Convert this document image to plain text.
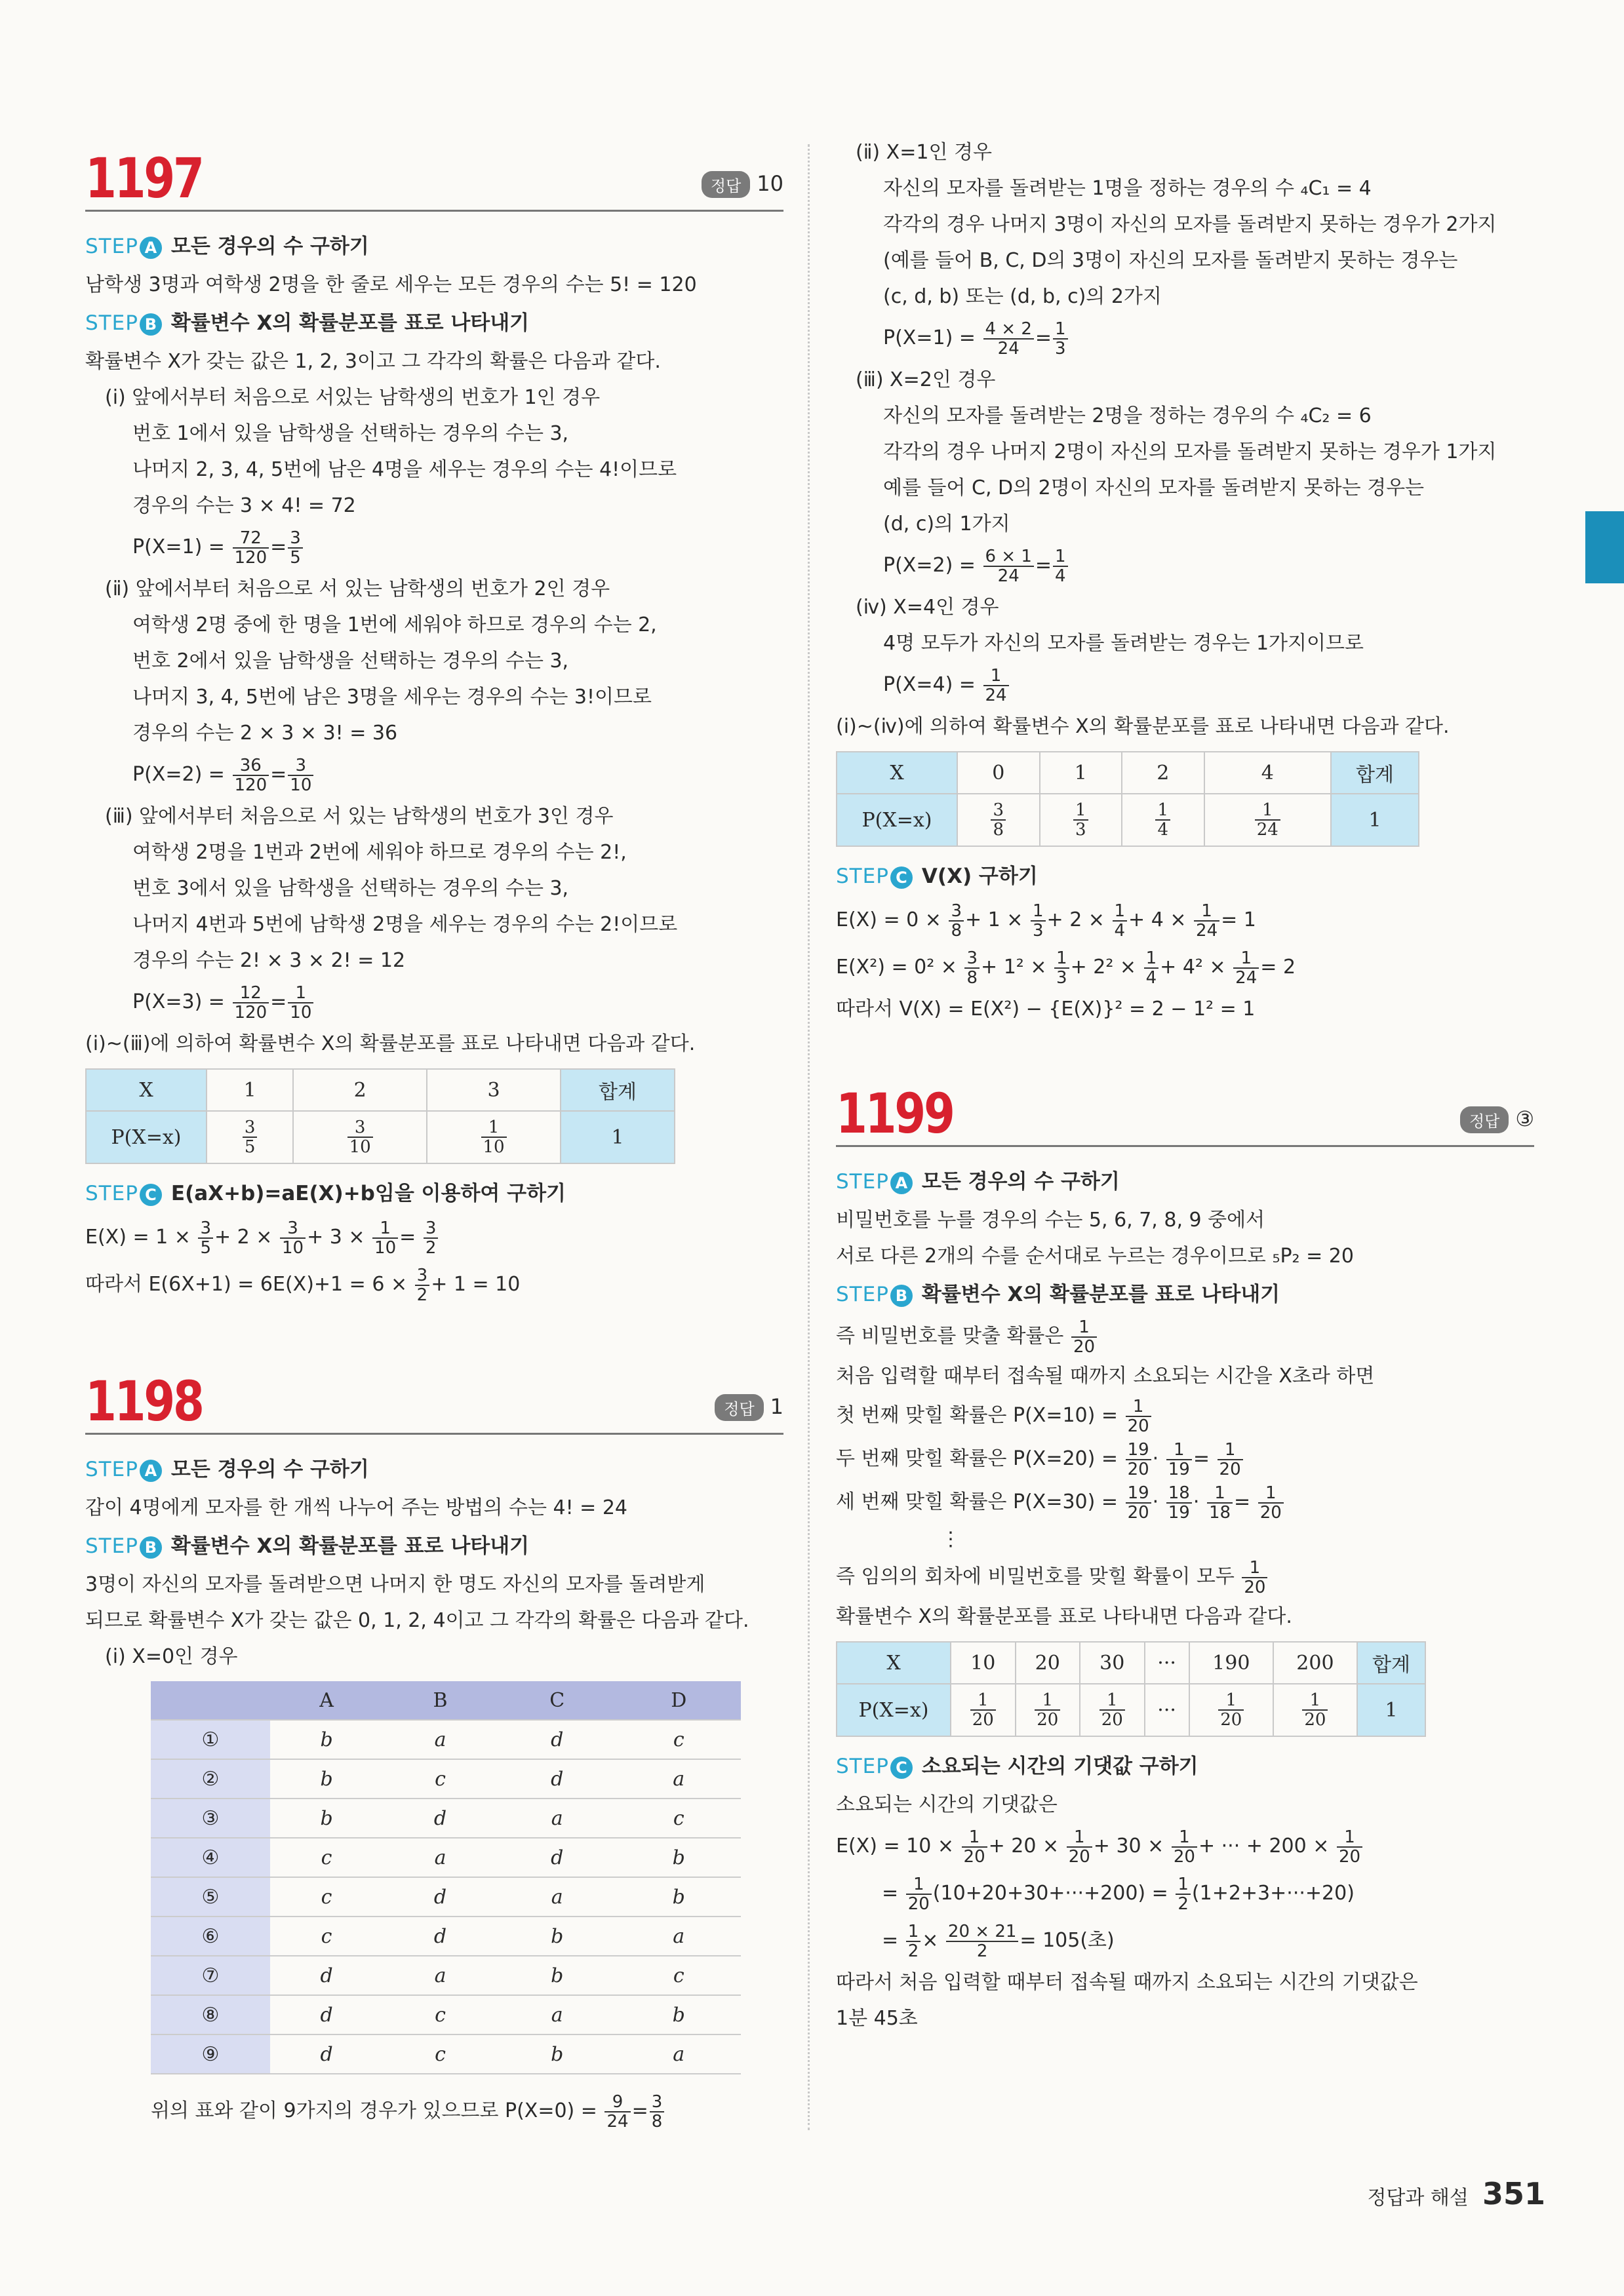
1197	정답 10
STEP A 모든 경우의 수 구하기
남학생 3명과 여학생 2명을 한 줄로 세우는 모든 경우의 수는 5! = 120
STEP B 확률변수 X의 확률분포를 표로 나타내기
확률변수 X가 갖는 값은 1, 2, 3이고 그 각각의 확률은 다음과 같다.
(ⅰ) 앞에서부터 처음으로 서있는 남학생의 번호가 1인 경우
번호 1에서 있을 남학생을 선택하는 경우의 수는 3,
나머지 2, 3, 4, 5번에 남은 4명을 세우는 경우의 수는 4!이므로
경우의 수는 3 × 4! = 72
$P(X=1) = \frac{72}{120} = \frac{3}{5}$
(ⅱ) 앞에서부터 처음으로 서 있는 남학생의 번호가 2인 경우
여학생 2명 중에 한 명을 1번에 세워야 하므로 경우의 수는 2,
번호 2에서 있을 남학생을 선택하는 경우의 수는 3,
나머지 3, 4, 5번에 남은 3명을 세우는 경우의 수는 3!이므로
경우의 수는 2 × 3 × 3! = 36
$P(X=2) = \frac{36}{120} = \frac{3}{10}$
(ⅲ) 앞에서부터 처음으로 서 있는 남학생의 번호가 3인 경우
여학생 2명을 1번과 2번에 세워야 하므로 경우의 수는 2!,
번호 3에서 있을 남학생을 선택하는 경우의 수는 3,
나머지 4번과 5번에 남학생 2명을 세우는 경우의 수는 2!이므로
경우의 수는 2! × 3 × 2! = 12
$P(X=3) = \frac{12}{120} = \frac{1}{10}$
(ⅰ)~(ⅲ)에 의하여 확률변수 X의 확률분포를 표로 나타내면 다음과 같다.
X	1	2	3	합계
P(X=x)	$\frac{3}{5}$	$\frac{3}{10}$	$\frac{1}{10}$	1
STEP C E(aX+b)=aE(X)+b임을 이용하여 구하기
$E(X) = 1 \times \frac{3}{5} + 2 \times \frac{3}{10} + 3 \times \frac{1}{10} = \frac{3}{2}$
따라서 $E(6X+1) = 6E(X)+1 = 6 \times \frac{3}{2} + 1 = 10$
1198	정답 1
STEP A 모든 경우의 수 구하기
갑이 4명에게 모자를 한 개씩 나누어 주는 방법의 수는 4! = 24
STEP B 확률변수 X의 확률분포를 표로 나타내기
3명이 자신의 모자를 돌려받으면 나머지 한 명도 자신의 모자를 돌려받게
되므로 확률변수 X가 갖는 값은 0, 1, 2, 4이고 그 각각의 확률은 다음과 같다.
(ⅰ) X=0인 경우
	A	B	C	D
①	b	a	d	c
②	b	c	d	a
③	b	d	a	c
④	c	a	d	b
⑤	c	d	a	b
⑥	c	d	b	a
⑦	d	a	b	c
⑧	d	c	a	b
⑨	d	c	b	a
위의 표와 같이 9가지의 경우가 있으므로 $P(X=0) = \frac{9}{24} = \frac{3}{8}$
(ⅱ) X=1인 경우
자신의 모자를 돌려받는 1명을 정하는 경우의 수 ₄C₁ = 4
각각의 경우 나머지 3명이 자신의 모자를 돌려받지 못하는 경우가 2가지
(예를 들어 B, C, D의 3명이 자신의 모자를 돌려받지 못하는 경우는
(c, d, b) 또는 (d, b, c)의 2가지
$P(X=1) = \frac{4 \times 2}{24} = \frac{1}{3}$
(ⅲ) X=2인 경우
자신의 모자를 돌려받는 2명을 정하는 경우의 수 ₄C₂ = 6
각각의 경우 나머지 2명이 자신의 모자를 돌려받지 못하는 경우가 1가지
예를 들어 C, D의 2명이 자신의 모자를 돌려받지 못하는 경우는
(d, c)의 1가지
$P(X=2) = \frac{6 \times 1}{24} = \frac{1}{4}$
(ⅳ) X=4인 경우
4명 모두가 자신의 모자를 돌려받는 경우는 1가지이므로
$P(X=4) = \frac{1}{24}$
(ⅰ)~(ⅳ)에 의하여 확률변수 X의 확률분포를 표로 나타내면 다음과 같다.
X	0	1	2	4	합계
P(X=x)	$\frac{3}{8}$	$\frac{1}{3}$	$\frac{1}{4}$	$\frac{1}{24}$	1
STEP C V(X) 구하기
$E(X) = 0 \times \frac{3}{8} + 1 \times \frac{1}{3} + 2 \times \frac{1}{4} + 4 \times \frac{1}{24} = 1$
$E(X^2) = 0^2 \times \frac{3}{8} + 1^2 \times \frac{1}{3} + 2^2 \times \frac{1}{4} + 4^2 \times \frac{1}{24} = 2$
따라서 V(X) = E(X²) − {E(X)}² = 2 − 1² = 1
1199	정답 ③
STEP A 모든 경우의 수 구하기
비밀번호를 누를 경우의 수는 5, 6, 7, 8, 9 중에서
서로 다른 2개의 수를 순서대로 누르는 경우이므로 ₅P₂ = 20
STEP B 확률변수 X의 확률분포를 표로 나타내기
즉 비밀번호를 맞출 확률은 $\frac{1}{20}$
처음 입력할 때부터 접속될 때까지 소요되는 시간을 X초라 하면
첫 번째 맞힐 확률은 $P(X=10) = \frac{1}{20}$
두 번째 맞힐 확률은 $P(X=20) = \frac{19}{20} \cdot \frac{1}{19} = \frac{1}{20}$
세 번째 맞힐 확률은 $P(X=30) = \frac{19}{20} \cdot \frac{18}{19} \cdot \frac{1}{18} = \frac{1}{20}$
⋮
즉 임의의 회차에 비밀번호를 맞힐 확률이 모두 $\frac{1}{20}$
확률변수 X의 확률분포를 표로 나타내면 다음과 같다.
X	10	20	30	···	190	200	합계
P(X=x)	$\frac{1}{20}$	$\frac{1}{20}$	$\frac{1}{20}$	···	$\frac{1}{20}$	$\frac{1}{20}$	1
STEP C 소요되는 시간의 기댓값 구하기
소요되는 시간의 기댓값은
$E(X) = 10 \times \frac{1}{20} + 20 \times \frac{1}{20} + 30 \times \frac{1}{20}$ + ··· + $200 \times \frac{1}{20}$
= $\frac{1}{20} (10+20+30+\cdot\cdot\cdot+200) = \frac{1}{2} (1+2+3+\cdot\cdot\cdot+20)$
= $\frac{1}{2} \times \frac{20 \times 21}{2} = 105$(초)
따라서 처음 입력할 때부터 접속될 때까지 소요되는 시간의 기댓값은
1분 45초
정답과 해설 351
